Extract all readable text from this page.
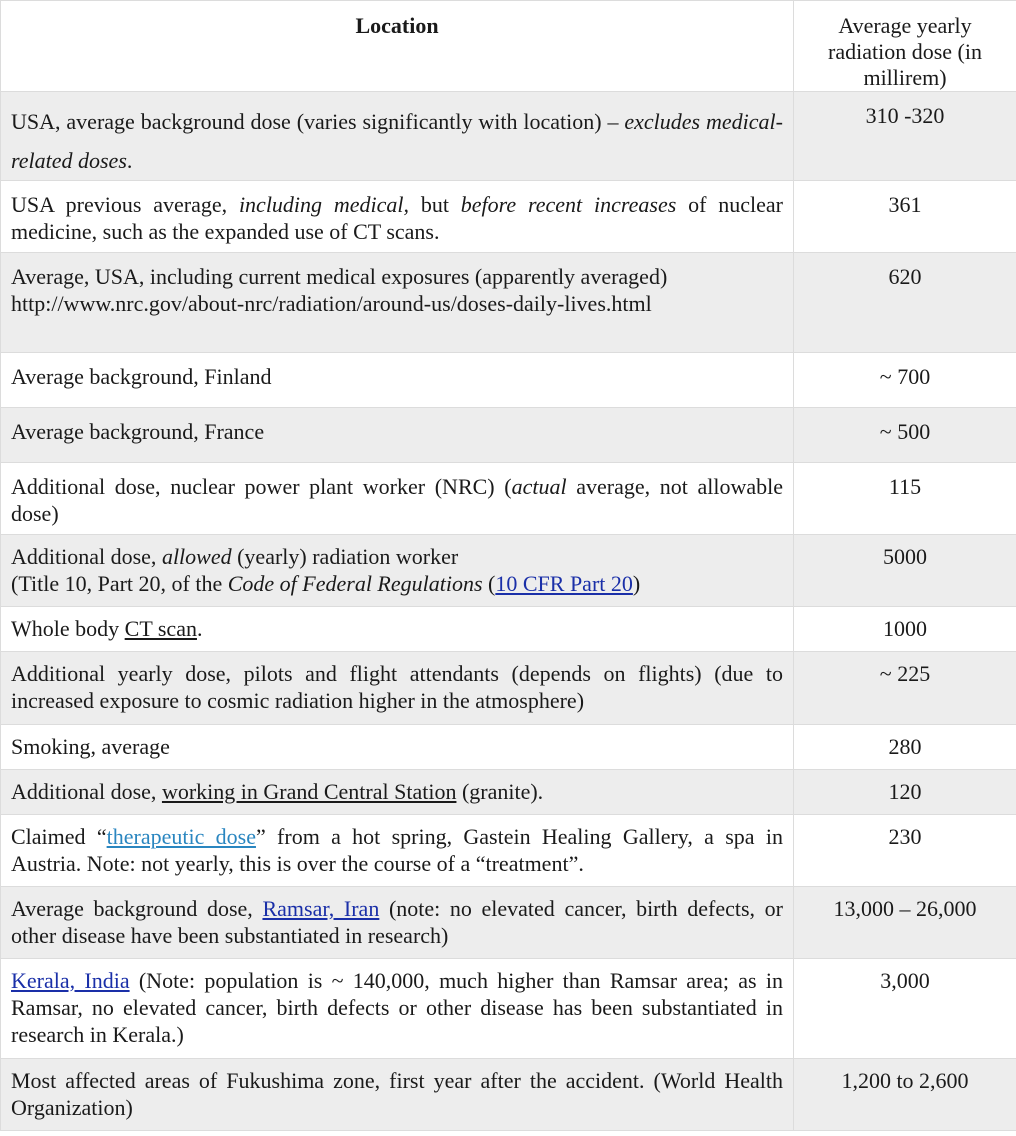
Location	Average yearly radiation dose (in millirem)
USA, average background dose (varies significantly with location) – excludes medical-related doses.	310 -320
USA previous average, including medical, but before recent increases of nuclear medicine, such as the expanded use of CT scans.	361
Average, USA, including current medical exposures (apparently averaged)
http://www.nrc.gov/about-nrc/radiation/around-us/doses-daily-lives.html	620
Average background, Finland	~ 700
Average background, France	~ 500
Additional dose, nuclear power plant worker (NRC) (actual average, not allowable dose)	115
Additional dose, allowed (yearly) radiation worker
(Title 10, Part 20, of the Code of Federal Regulations (10 CFR Part 20)	5000
Whole body CT scan.	1000
Additional yearly dose, pilots and flight attendants (depends on flights) (due to increased exposure to cosmic radiation higher in the atmosphere)	~ 225
Smoking, average	280
Additional dose, working in Grand Central Station (granite).	120
Claimed “therapeutic dose” from a hot spring, Gastein Healing Gallery, a spa in Austria. Note: not yearly, this is over the course of a “treatment”.	230
Average background dose, Ramsar, Iran (note: no elevated cancer, birth defects, or other disease have been substantiated in research)	13,000 – 26,000
Kerala, India (Note: population is ~ 140,000, much higher than Ramsar area; as in Ramsar, no elevated cancer, birth defects or other disease has been substantiated in research in Kerala.)	3,000
Most affected areas of Fukushima zone, first year after the accident. (World Health Organization)	1,200 to 2,600
